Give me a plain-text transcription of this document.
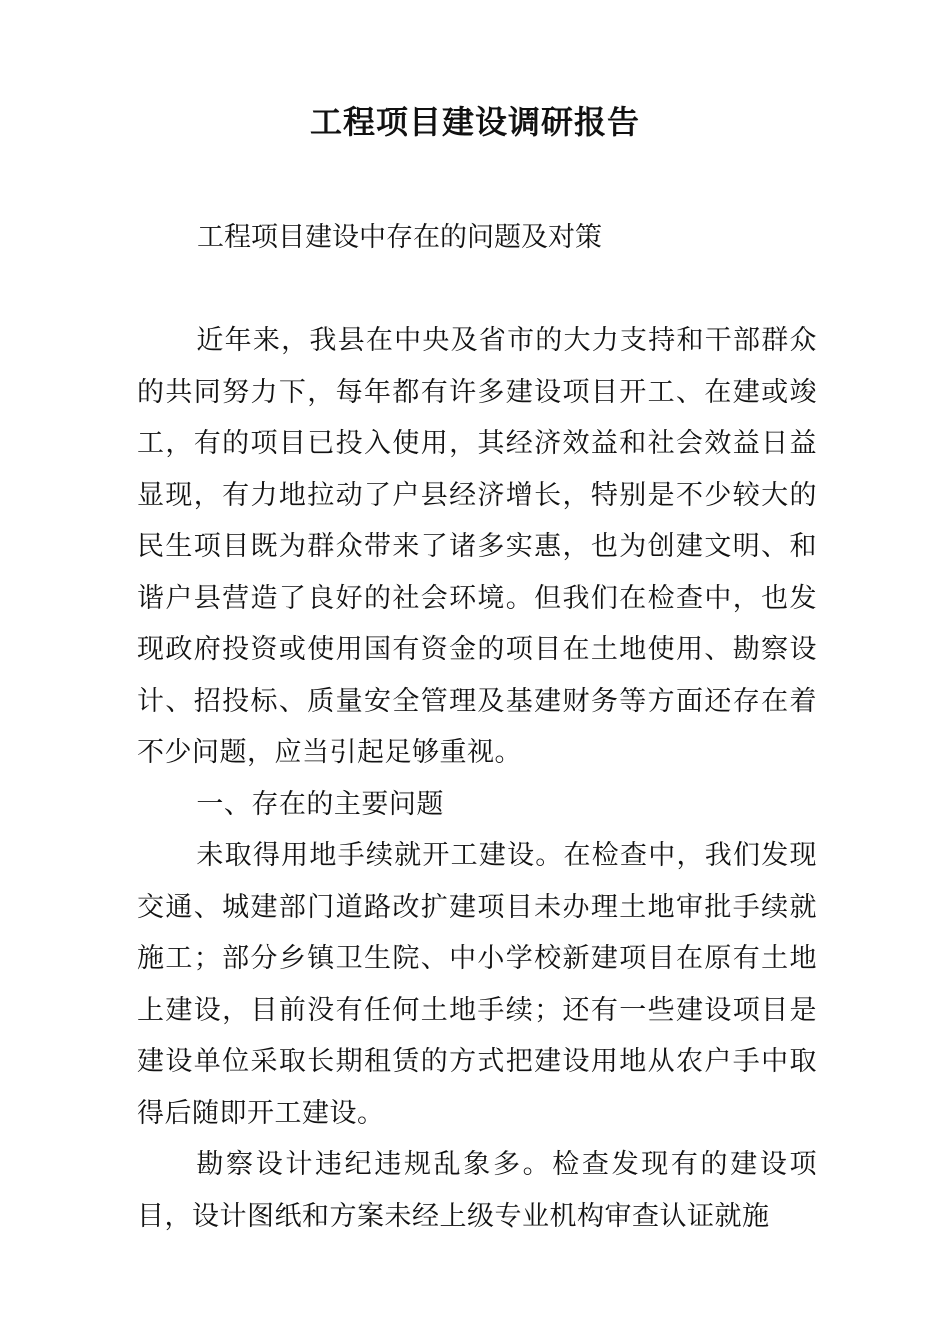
工程项目建设调研报告

工程项目建设中存在的问题及对策

近年来，我县在中央及省市的大力支持和干部群众的共同努力下，每年都有许多建设项目开工、在建或竣工，有的项目已投入使用，其经济效益和社会效益日益显现，有力地拉动了户县经济增长，特别是不少较大的民生项目既为群众带来了诸多实惠，也为创建文明、和谐户县营造了良好的社会环境。但我们在检查中，也发现政府投资或使用国有资金的项目在土地使用、勘察设计、招投标、质量安全管理及基建财务等方面还存在着不少问题，应当引起足够重视。

一、存在的主要问题

未取得用地手续就开工建设。在检查中，我们发现交通、城建部门道路改扩建项目未办理土地审批手续就施工；部分乡镇卫生院、中小学校新建项目在原有土地上建设，目前没有任何土地手续；还有一些建设项目是建设单位采取长期租赁的方式把建设用地从农户手中取得后随即开工建设。

勘察设计违纪违规乱象多。检查发现有的建设项目，设计图纸和方案未经上级专业机构审查认证就施
